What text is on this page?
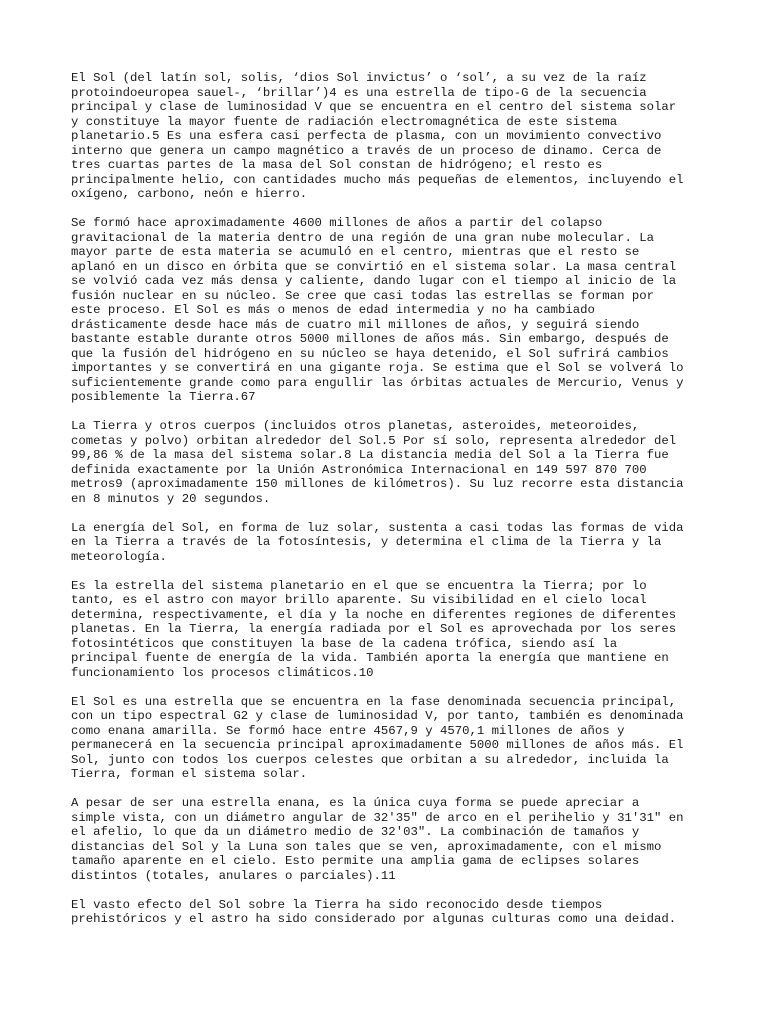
El Sol (del latín sol, solis, ‘dios Sol invictus’ o ‘sol’, a su vez de la raíz
protoindoeuropea sauel-, ‘brillar’)4 es una estrella de tipo-G de la secuencia
principal y clase de luminosidad V que se encuentra en el centro del sistema solar
y constituye la mayor fuente de radiación electromagnética de este sistema
planetario.5 Es una esfera casi perfecta de plasma, con un movimiento convectivo
interno que genera un campo magnético a través de un proceso de dinamo. Cerca de
tres cuartas partes de la masa del Sol constan de hidrógeno; el resto es
principalmente helio, con cantidades mucho más pequeñas de elementos, incluyendo el
oxígeno, carbono, neón e hierro.

Se formó hace aproximadamente 4600 millones de años a partir del colapso
gravitacional de la materia dentro de una región de una gran nube molecular. La
mayor parte de esta materia se acumuló en el centro, mientras que el resto se
aplanó en un disco en órbita que se convirtió en el sistema solar. La masa central
se volvió cada vez más densa y caliente, dando lugar con el tiempo al inicio de la
fusión nuclear en su núcleo. Se cree que casi todas las estrellas se forman por
este proceso. El Sol es más o menos de edad intermedia y no ha cambiado
drásticamente desde hace más de cuatro mil millones de años, y seguirá siendo
bastante estable durante otros 5000 millones de años más. Sin embargo, después de
que la fusión del hidrógeno en su núcleo se haya detenido, el Sol sufrirá cambios
importantes y se convertirá en una gigante roja. Se estima que el Sol se volverá lo
suficientemente grande como para engullir las órbitas actuales de Mercurio, Venus y
posiblemente la Tierra.67

La Tierra y otros cuerpos (incluidos otros planetas, asteroides, meteoroides,
cometas y polvo) orbitan alrededor del Sol.5 Por sí solo, representa alrededor del
99,86 % de la masa del sistema solar.8 La distancia media del Sol a la Tierra fue
definida exactamente por la Unión Astronómica Internacional en 149 597 870 700
metros9 (aproximadamente 150 millones de kilómetros). Su luz recorre esta distancia
en 8 minutos y 20 segundos.

La energía del Sol, en forma de luz solar, sustenta a casi todas las formas de vida
en la Tierra a través de la fotosíntesis, y determina el clima de la Tierra y la
meteorología.

Es la estrella del sistema planetario en el que se encuentra la Tierra; por lo
tanto, es el astro con mayor brillo aparente. Su visibilidad en el cielo local
determina, respectivamente, el día y la noche en diferentes regiones de diferentes
planetas. En la Tierra, la energía radiada por el Sol es aprovechada por los seres
fotosintéticos que constituyen la base de la cadena trófica, siendo así la
principal fuente de energía de la vida. También aporta la energía que mantiene en
funcionamiento los procesos climáticos.10

El Sol es una estrella que se encuentra en la fase denominada secuencia principal,
con un tipo espectral G2 y clase de luminosidad V, por tanto, también es denominada
como enana amarilla. Se formó hace entre 4567,9 y 4570,1 millones de años y
permanecerá en la secuencia principal aproximadamente 5000 millones de años más. El
Sol, junto con todos los cuerpos celestes que orbitan a su alrededor, incluida la
Tierra, forman el sistema solar.

A pesar de ser una estrella enana, es la única cuya forma se puede apreciar a
simple vista, con un diámetro angular de 32'35" de arco en el perihelio y 31'31" en
el afelio, lo que da un diámetro medio de 32'03". La combinación de tamaños y
distancias del Sol y la Luna son tales que se ven, aproximadamente, con el mismo
tamaño aparente en el cielo. Esto permite una amplia gama de eclipses solares
distintos (totales, anulares o parciales).11

El vasto efecto del Sol sobre la Tierra ha sido reconocido desde tiempos
prehistóricos y el astro ha sido considerado por algunas culturas como una deidad.
